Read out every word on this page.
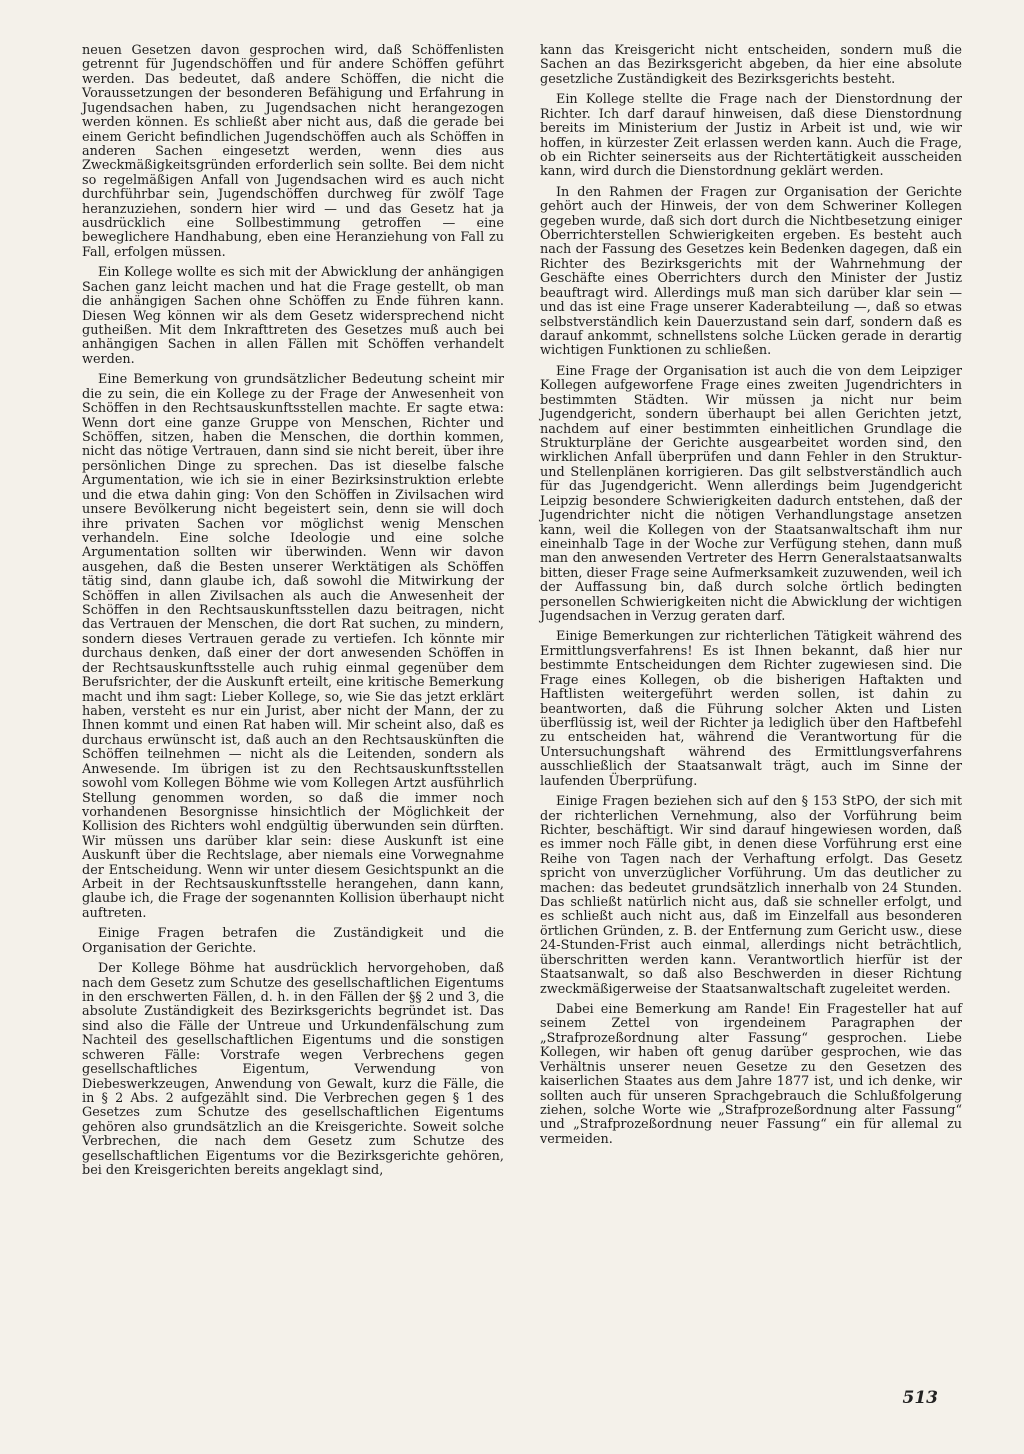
neuen Gesetzen davon gesprochen wird, daß Schöffenlisten getrennt für Jugendschöffen und für andere Schöffen geführt werden. Das bedeutet, daß andere Schöffen, die nicht die Voraussetzungen der besonderen Befähigung und Erfahrung in Jugendsachen haben, zu Jugendsachen nicht herangezogen werden können. Es schließt aber nicht aus, daß die gerade bei einem Gericht befindlichen Jugendschöffen auch als Schöffen in anderen Sachen eingesetzt werden, wenn dies aus Zweckmäßigkeitsgründen erforderlich sein sollte. Bei dem nicht so regelmäßigen Anfall von Jugendsachen wird es auch nicht durchführbar sein, Jugendschöffen durchweg für zwölf Tage heranzuziehen, sondern hier wird — und das Gesetz hat ja ausdrücklich eine Sollbestimmung getroffen — eine beweglichere Handhabung, eben eine Heranziehung von Fall zu Fall, erfolgen müssen.

Ein Kollege wollte es sich mit der Abwicklung der anhängigen Sachen ganz leicht machen und hat die Frage gestellt, ob man die anhängigen Sachen ohne Schöffen zu Ende führen kann. Diesen Weg können wir als dem Gesetz widersprechend nicht gutheißen. Mit dem Inkrafttreten des Gesetzes muß auch bei anhängigen Sachen in allen Fällen mit Schöffen verhandelt werden.

Eine Bemerkung von grundsätzlicher Bedeutung scheint mir die zu sein, die ein Kollege zu der Frage der Anwesenheit von Schöffen in den Rechtsauskunftsstellen machte. Er sagte etwa: Wenn dort eine ganze Gruppe von Menschen, Richter und Schöffen, sitzen, haben die Menschen, die dorthin kommen, nicht das nötige Vertrauen, dann sind sie nicht bereit, über ihre persönlichen Dinge zu sprechen. Das ist dieselbe falsche Argumentation, wie ich sie in einer Bezirksinstruktion erlebte und die etwa dahin ging: Von den Schöffen in Zivilsachen wird unsere Bevölkerung nicht begeistert sein, denn sie will doch ihre privaten Sachen vor möglichst wenig Menschen verhandeln. Eine solche Ideologie und eine solche Argumentation sollten wir überwinden. Wenn wir davon ausgehen, daß die Besten unserer Werktätigen als Schöffen tätig sind, dann glaube ich, daß sowohl die Mitwirkung der Schöffen in allen Zivilsachen als auch die Anwesenheit der Schöffen in den Rechtsauskunftsstellen dazu beitragen, nicht das Vertrauen der Menschen, die dort Rat suchen, zu mindern, sondern dieses Vertrauen gerade zu vertiefen. Ich könnte mir durchaus denken, daß einer der dort anwesenden Schöffen in der Rechtsauskunftsstelle auch ruhig einmal gegenüber dem Berufsrichter, der die Auskunft erteilt, eine kritische Bemerkung macht und ihm sagt: Lieber Kollege, so, wie Sie das jetzt erklärt haben, versteht es nur ein Jurist, aber nicht der Mann, der zu Ihnen kommt und einen Rat haben will. Mir scheint also, daß es durchaus erwünscht ist, daß auch an den Rechtsauskünften die Schöffen teilnehmen — nicht als die Leitenden, sondern als Anwesende. Im übrigen ist zu den Rechtsauskunftsstellen sowohl vom Kollegen Böhme wie vom Kollegen Artzt ausführlich Stellung genommen worden, so daß die immer noch vorhandenen Besorgnisse hinsichtlich der Möglichkeit der Kollision des Richters wohl endgültig überwunden sein dürften. Wir müssen uns darüber klar sein: diese Auskunft ist eine Auskunft über die Rechtslage, aber niemals eine Vorwegnahme der Entscheidung. Wenn wir unter diesem Gesichtspunkt an die Arbeit in der Rechtsauskunftsstelle herangehen, dann kann, glaube ich, die Frage der sogenannten Kollision überhaupt nicht auftreten.

Einige Fragen betrafen die Zuständigkeit und die Organisation der Gerichte.

Der Kollege Böhme hat ausdrücklich hervorgehoben, daß nach dem Gesetz zum Schutze des gesellschaftlichen Eigentums in den erschwerten Fällen, d. h. in den Fällen der §§ 2 und 3, die absolute Zuständigkeit des Bezirksgerichts begründet ist. Das sind also die Fälle der Untreue und Urkundenfälschung zum Nachteil des gesellschaftlichen Eigentums und die sonstigen schweren Fälle: Vorstrafe wegen Verbrechens gegen gesellschaftliches Eigentum, Verwendung von Diebeswerkzeugen, Anwendung von Gewalt, kurz die Fälle, die in § 2 Abs. 2 aufgezählt sind. Die Verbrechen gegen § 1 des Gesetzes zum Schutze des gesellschaftlichen Eigentums gehören also grundsätzlich an die Kreisgerichte. Soweit solche Verbrechen, die nach dem Gesetz zum Schutze des gesellschaftlichen Eigentums vor die Bezirksgerichte gehören, bei den Kreisgerichten bereits angeklagt sind,

kann das Kreisgericht nicht entscheiden, sondern muß die Sachen an das Bezirksgericht abgeben, da hier eine absolute gesetzliche Zuständigkeit des Bezirksgerichts besteht.

Ein Kollege stellte die Frage nach der Dienstordnung der Richter. Ich darf darauf hinweisen, daß diese Dienstordnung bereits im Ministerium der Justiz in Arbeit ist und, wie wir hoffen, in kürzester Zeit erlassen werden kann. Auch die Frage, ob ein Richter seinerseits aus der Richtertätigkeit ausscheiden kann, wird durch die Dienstordnung geklärt werden.

In den Rahmen der Fragen zur Organisation der Gerichte gehört auch der Hinweis, der von dem Schweriner Kollegen gegeben wurde, daß sich dort durch die Nichtbesetzung einiger Oberrichterstellen Schwierigkeiten ergeben. Es besteht auch nach der Fassung des Gesetzes kein Bedenken dagegen, daß ein Richter des Bezirksgerichts mit der Wahrnehmung der Geschäfte eines Oberrichters durch den Minister der Justiz beauftragt wird. Allerdings muß man sich darüber klar sein — und das ist eine Frage unserer Kaderabteilung —, daß so etwas selbstverständlich kein Dauerzustand sein darf, sondern daß es darauf ankommt, schnellstens solche Lücken gerade in derartig wichtigen Funktionen zu schließen.

Eine Frage der Organisation ist auch die von dem Leipziger Kollegen aufgeworfene Frage eines zweiten Jugendrichters in bestimmten Städten. Wir müssen ja nicht nur beim Jugendgericht, sondern überhaupt bei allen Gerichten jetzt, nachdem auf einer bestimmten einheitlichen Grundlage die Strukturpläne der Gerichte ausgearbeitet worden sind, den wirklichen Anfall überprüfen und dann Fehler in den Struktur- und Stellenplänen korrigieren. Das gilt selbstverständlich auch für das Jugendgericht. Wenn allerdings beim Jugendgericht Leipzig besondere Schwierigkeiten dadurch entstehen, daß der Jugendrichter nicht die nötigen Verhandlungstage ansetzen kann, weil die Kollegen von der Staatsanwaltschaft ihm nur eineinhalb Tage in der Woche zur Verfügung stehen, dann muß man den anwesenden Vertreter des Herrn Generalstaatsanwalts bitten, dieser Frage seine Aufmerksamkeit zuzuwenden, weil ich der Auffassung bin, daß durch solche örtlich bedingten personellen Schwierigkeiten nicht die Abwicklung der wichtigen Jugendsachen in Verzug geraten darf.

Einige Bemerkungen zur richterlichen Tätigkeit während des Ermittlungsverfahrens! Es ist Ihnen bekannt, daß hier nur bestimmte Entscheidungen dem Richter zugewiesen sind. Die Frage eines Kollegen, ob die bisherigen Haftakten und Haftlisten weitergeführt werden sollen, ist dahin zu beantworten, daß die Führung solcher Akten und Listen überflüssig ist, weil der Richter ja lediglich über den Haftbefehl zu entscheiden hat, während die Verantwortung für die Untersuchungshaft während des Ermittlungsverfahrens ausschließlich der Staatsanwalt trägt, auch im Sinne der laufenden Überprüfung.

Einige Fragen beziehen sich auf den § 153 StPO, der sich mit der richterlichen Vernehmung, also der Vorführung beim Richter, beschäftigt. Wir sind darauf hingewiesen worden, daß es immer noch Fälle gibt, in denen diese Vorführung erst eine Reihe von Tagen nach der Verhaftung erfolgt. Das Gesetz spricht von unverzüglicher Vorführung. Um das deutlicher zu machen: das bedeutet grundsätzlich innerhalb von 24 Stunden. Das schließt natürlich nicht aus, daß sie schneller erfolgt, und es schließt auch nicht aus, daß im Einzelfall aus besonderen örtlichen Gründen, z. B. der Entfernung zum Gericht usw., diese 24-Stunden-Frist auch einmal, allerdings nicht beträchtlich, überschritten werden kann. Verantwortlich hierfür ist der Staatsanwalt, so daß also Beschwerden in dieser Richtung zweckmäßigerweise der Staatsanwaltschaft zugeleitet werden.

Dabei eine Bemerkung am Rande! Ein Fragesteller hat auf seinem Zettel von irgendeinem Paragraphen der „Strafprozeßordnung alter Fassung“ gesprochen. Liebe Kollegen, wir haben oft genug darüber gesprochen, wie das Verhältnis unserer neuen Gesetze zu den Gesetzen des kaiserlichen Staates aus dem Jahre 1877 ist, und ich denke, wir sollten auch für unseren Sprachgebrauch die Schlußfolgerung ziehen, solche Worte wie „Strafprozeßordnung alter Fassung“ und „Strafprozeßordnung neuer Fassung“ ein für allemal zu vermeiden.

513
